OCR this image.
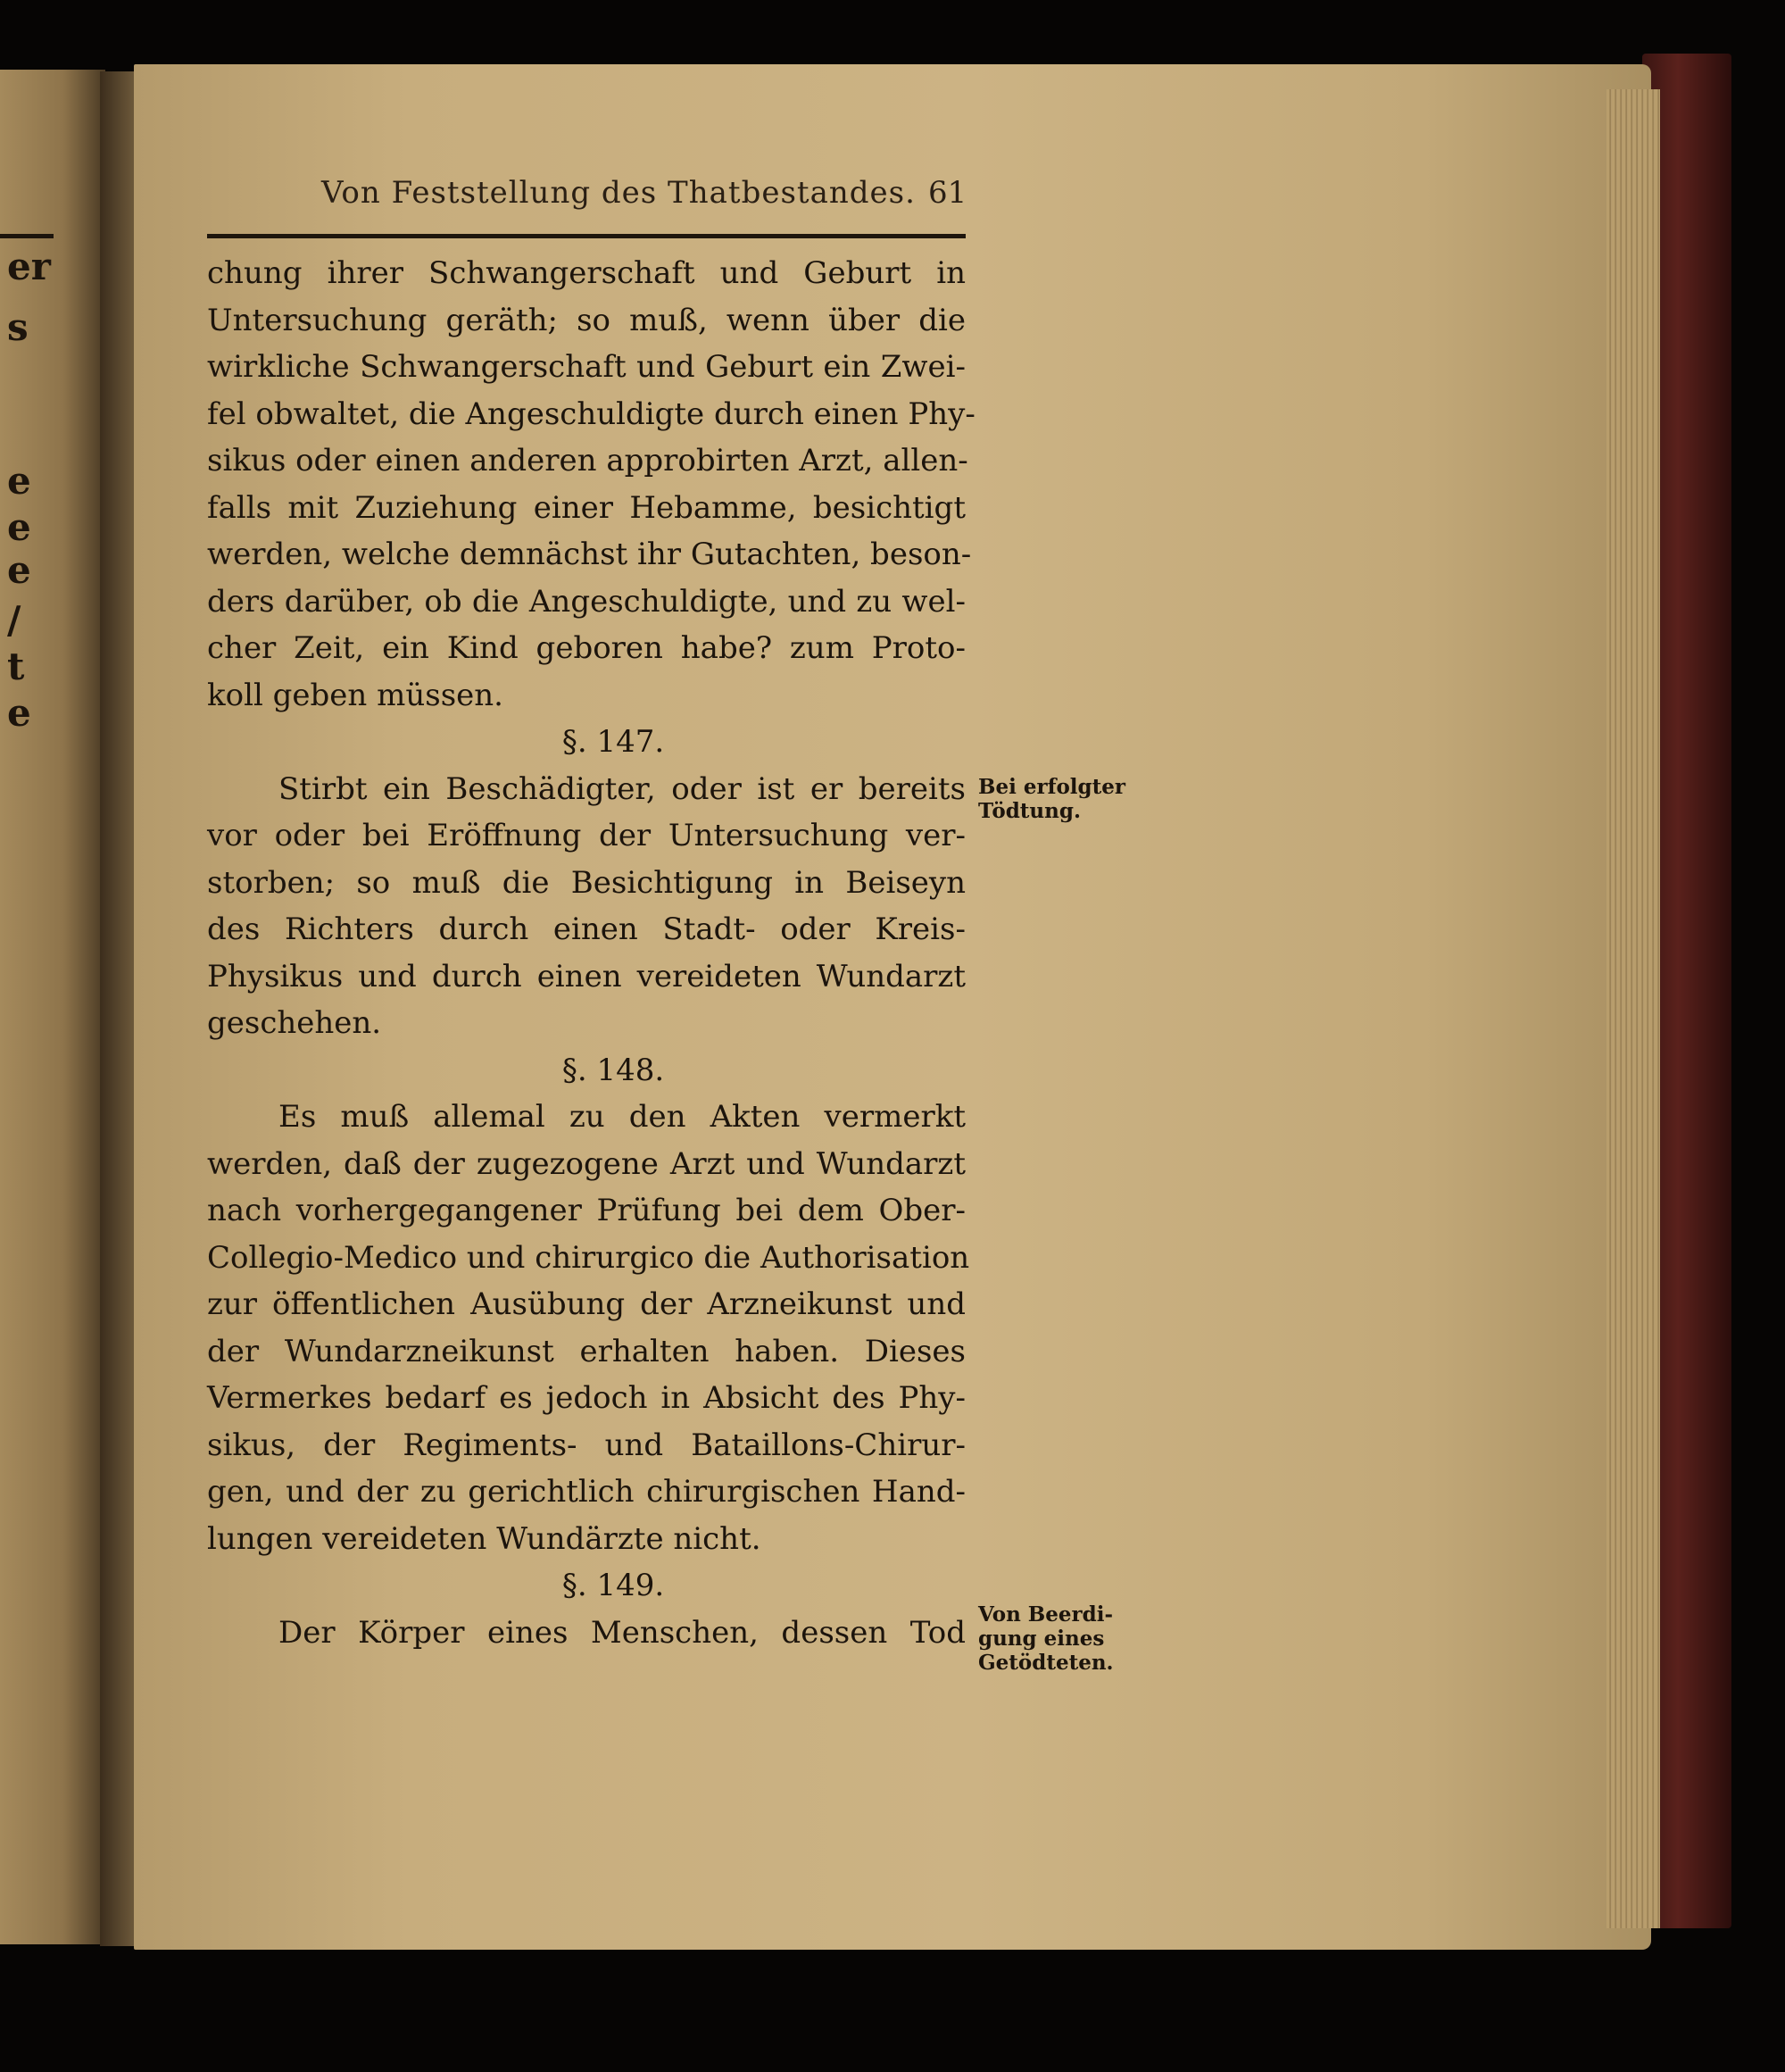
er
s
e
e
e
/
t
e
Von Feststellung des Thatbestandes. 61
chung ihrer Schwangerschaft und Geburt in
Untersuchung geräth; so muß, wenn über die
wirkliche Schwangerschaft und Geburt ein Zwei-
fel obwaltet, die Angeschuldigte durch einen Phy-
sikus oder einen anderen approbirten Arzt, allen-
falls mit Zuziehung einer Hebamme, besichtigt
werden, welche demnächst ihr Gutachten, beson-
ders darüber, ob die Angeschuldigte, und zu wel-
cher Zeit, ein Kind geboren habe? zum Proto-
koll geben müssen.
§. 147.
Stirbt ein Beschädigter, oder ist er bereits
vor oder bei Eröffnung der Untersuchung ver-
storben; so muß die Besichtigung in Beiseyn
des Richters durch einen Stadt- oder Kreis-
Physikus und durch einen vereideten Wundarzt
geschehen.
§. 148.
Es muß allemal zu den Akten vermerkt
werden, daß der zugezogene Arzt und Wundarzt
nach vorhergegangener Prüfung bei dem Ober-
Collegio-Medico und chirurgico die Authorisation
zur öffentlichen Ausübung der Arzneikunst und
der Wundarzneikunst erhalten haben. Dieses
Vermerkes bedarf es jedoch in Absicht des Phy-
sikus, der Regiments- und Bataillons-Chirur-
gen, und der zu gerichtlich chirurgischen Hand-
lungen vereideten Wundärzte nicht.
§. 149.
Der Körper eines Menschen, dessen Tod
Bei erfolgter
Tödtung.
Von Beerdi-
gung eines
Getödteten.
